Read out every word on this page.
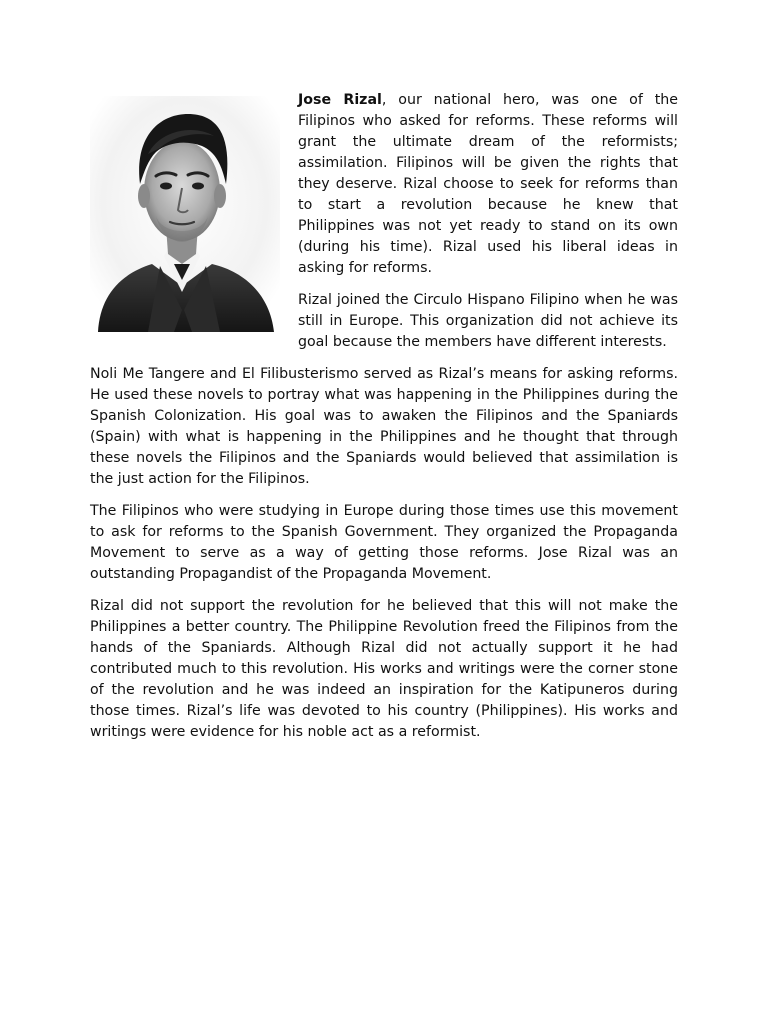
Jose Rizal, our national hero, was one of the Filipinos who asked for reforms. These reforms will grant the ultimate dream of the reformists; assimilation. Filipinos will be given the rights that they deserve. Rizal choose to seek for reforms than to start a revolution because he knew that Philippines was not yet ready to stand on its own (during his time). Rizal used his liberal ideas in asking for reforms.

Rizal joined the Circulo Hispano Filipino when he was still in Europe. This organization did not achieve its goal because the members have different interests.

Noli Me Tangere and El Filibusterismo served as Rizal’s means for asking reforms. He used these novels to portray what was happening in the Philippines during the Spanish Colonization. His goal was to awaken the Filipinos and the Spaniards (Spain) with what is happening in the Philippines and he thought that through these novels the Filipinos and the Spaniards would believed that assimilation is the just action for the Filipinos.

The Filipinos who were studying in Europe during those times use this movement to ask for reforms to the Spanish Government. They organized the Propaganda Movement to serve as a way of getting those reforms. Jose Rizal was an outstanding Propagandist of the Propaganda Movement.

Rizal did not support the revolution for he believed that this will not make the Philippines a better country. The Philippine Revolution freed the Filipinos from the hands of the Spaniards. Although Rizal did not actually support it he had contributed much to this revolution. His works and writings were the corner stone of the revolution and he was indeed an inspiration for the Katipuneros during those times. Rizal’s life was devoted to his country (Philippines). His works and writings were evidence for his noble act as a reformist.
